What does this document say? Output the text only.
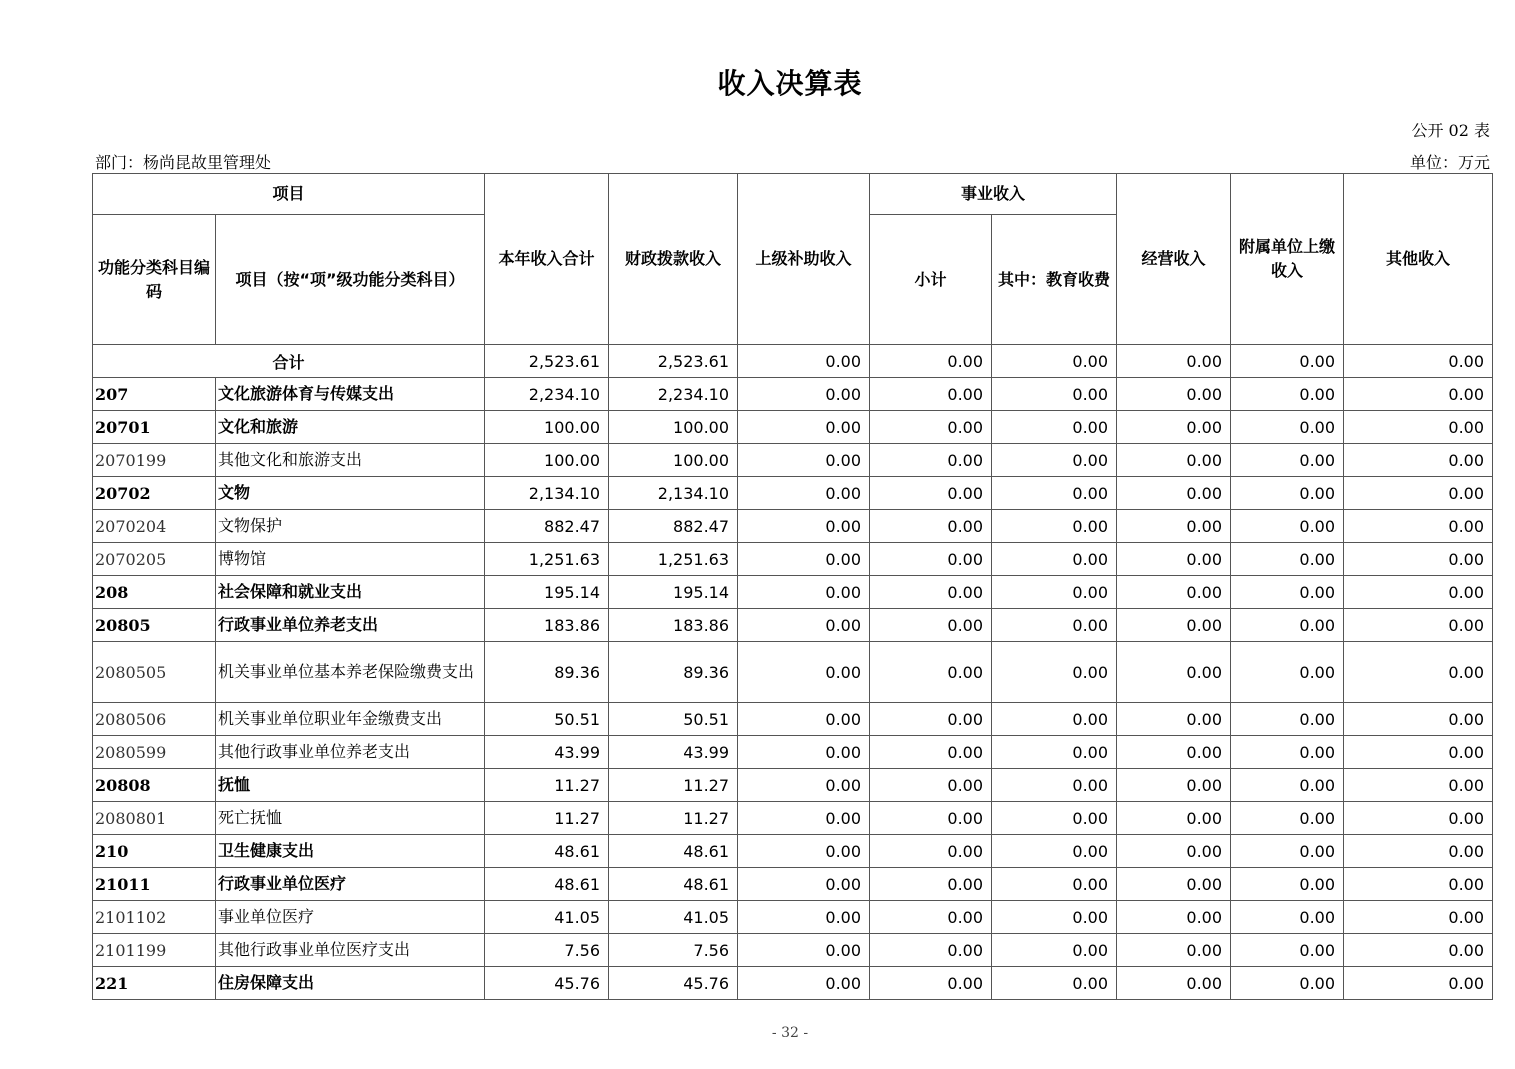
收入决算表
公开 02 表
部门：杨尚昆故里管理处	单位：万元
项目		本年收入合计	财政拨款收入	上级补助收入	事业收入		经营收入	附属单位上缴收入	其他收入
功能分类科目编码	项目（按“项”级功能分类科目）				小计	其中：教育收费			
合计		2,523.61	2,523.61	0.00	0.00	0.00	0.00	0.00	0.00
207	文化旅游体育与传媒支出	2,234.10	2,234.10	0.00	0.00	0.00	0.00	0.00	0.00
20701	文化和旅游	100.00	100.00	0.00	0.00	0.00	0.00	0.00	0.00
2070199	其他文化和旅游支出	100.00	100.00	0.00	0.00	0.00	0.00	0.00	0.00
20702	文物	2,134.10	2,134.10	0.00	0.00	0.00	0.00	0.00	0.00
2070204	文物保护	882.47	882.47	0.00	0.00	0.00	0.00	0.00	0.00
2070205	博物馆	1,251.63	1,251.63	0.00	0.00	0.00	0.00	0.00	0.00
208	社会保障和就业支出	195.14	195.14	0.00	0.00	0.00	0.00	0.00	0.00
20805	行政事业单位养老支出	183.86	183.86	0.00	0.00	0.00	0.00	0.00	0.00
2080505	机关事业单位基本养老保险缴费支出	89.36	89.36	0.00	0.00	0.00	0.00	0.00	0.00
2080506	机关事业单位职业年金缴费支出	50.51	50.51	0.00	0.00	0.00	0.00	0.00	0.00
2080599	其他行政事业单位养老支出	43.99	43.99	0.00	0.00	0.00	0.00	0.00	0.00
20808	抚恤	11.27	11.27	0.00	0.00	0.00	0.00	0.00	0.00
2080801	死亡抚恤	11.27	11.27	0.00	0.00	0.00	0.00	0.00	0.00
210	卫生健康支出	48.61	48.61	0.00	0.00	0.00	0.00	0.00	0.00
21011	行政事业单位医疗	48.61	48.61	0.00	0.00	0.00	0.00	0.00	0.00
2101102	事业单位医疗	41.05	41.05	0.00	0.00	0.00	0.00	0.00	0.00
2101199	其他行政事业单位医疗支出	7.56	7.56	0.00	0.00	0.00	0.00	0.00	0.00
221	住房保障支出	45.76	45.76	0.00	0.00	0.00	0.00	0.00	0.00
- 32 -
